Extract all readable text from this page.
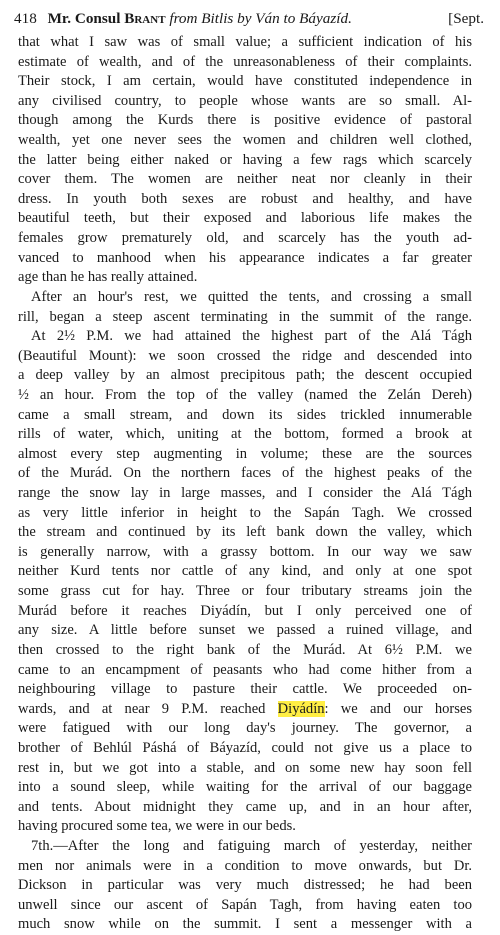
418 Mr. Consul Brant from Bitlis by Ván to Báyazíd.	[Sept.
that what I saw was of small value; a sufficient indication of his
estimate of wealth, and of the unreasonableness of their complaints.
Their stock, I am certain, would have constituted independence in
any civilised country, to people whose wants are so small. Al-
though among the Kurds there is positive evidence of pastoral
wealth, yet one never sees the women and children well clothed,
the latter being either naked or having a few rags which scarcely
cover them. The women are neither neat nor cleanly in their
dress. In youth both sexes are robust and healthy, and have
beautiful teeth, but their exposed and laborious life makes the
females grow prematurely old, and scarcely has the youth ad-
vanced to manhood when his appearance indicates a far greater
age than he has really attained.
After an hour's rest, we quitted the tents, and crossing a small
rill, began a steep ascent terminating in the summit of the range.
At 2½ P.M. we had attained the highest part of the Alá Tágh
(Beautiful Mount): we soon crossed the ridge and descended into
a deep valley by an almost precipitous path; the descent occupied
½ an hour. From the top of the valley (named the Zelán Dereh)
came a small stream, and down its sides trickled innumerable
rills of water, which, uniting at the bottom, formed a brook at
almost every step augmenting in volume; these are the sources
of the Murád. On the northern faces of the highest peaks of the
range the snow lay in large masses, and I consider the Alá Tágh
as very little inferior in height to the Sapán Tagh. We crossed
the stream and continued by its left bank down the valley, which
is generally narrow, with a grassy bottom. In our way we saw
neither Kurd tents nor cattle of any kind, and only at one spot
some grass cut for hay. Three or four tributary streams join the
Murád before it reaches Diyádín, but I only perceived one of
any size. A little before sunset we passed a ruined village, and
then crossed to the right bank of the Murád. At 6½ P.M. we
came to an encampment of peasants who had come hither from a
neighbouring village to pasture their cattle. We proceeded on-
wards, and at near 9 P.M. reached Diyádín: we and our horses
were fatigued with our long day's journey. The governor, a
brother of Behlúl Páshá of Báyazíd, could not give us a place to
rest in, but we got into a stable, and on some new hay soon fell
into a sound sleep, while waiting for the arrival of our baggage
and tents. About midnight they came up, and in an hour after,
having procured some tea, we were in our beds.
7th.—After the long and fatiguing march of yesterday, neither
men nor animals were in a condition to move onwards, but Dr.
Dickson in particular was very much distressed; he had been
unwell since our ascent of Sapán Tagh, from having eaten too
much snow while on the summit. I sent a messenger with a
